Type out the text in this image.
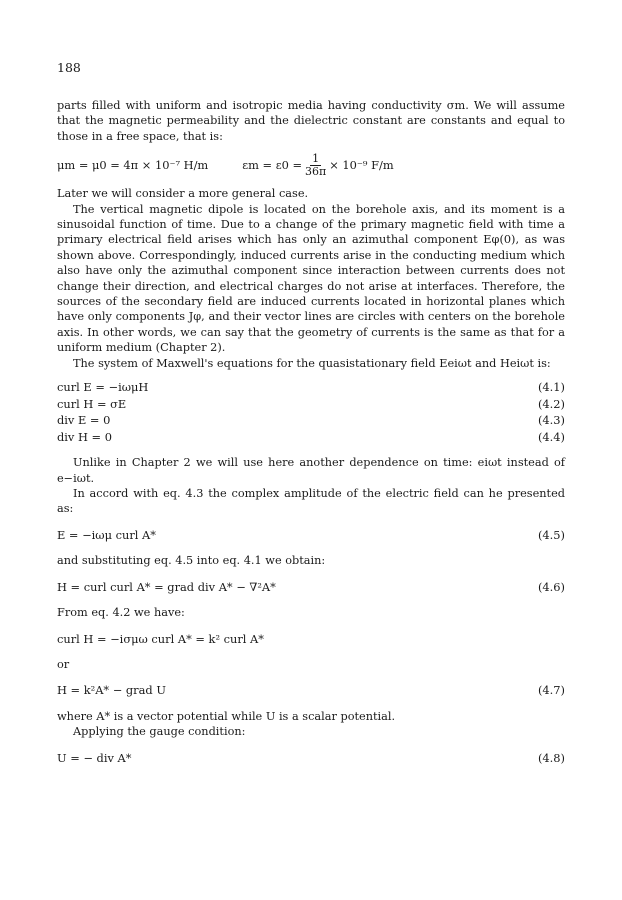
188

parts filled with uniform and isotropic media having conductivity σm. We will assume that the magnetic permeability and the dielectric constant are constants and equal to those in a free space, that is:

μm = μ0 = 4π × 10⁻⁷ H/m	$\varepsilon m = \varepsilon 0 = \frac{1}{36\pi} \times 10^{-9}$ F/m

Later we will consider a more general case.

The vertical magnetic dipole is located on the borehole axis, and its moment is a sinusoidal function of time. Due to a change of the primary magnetic field with time a primary electrical field arises which has only an azimuthal component Eφ(0), as was shown above. Correspondingly, induced currents arise in the conducting medium which also have only the azimuthal component since interaction between currents does not change their direction, and electrical charges do not arise at interfaces. Therefore, the sources of the secondary field are induced currents located in horizontal planes which have only components Jφ, and their vector lines are circles with centers on the borehole axis. In other words, we can say that the geometry of currents is the same as that for a uniform medium (Chapter 2).

The system of Maxwell's equations for the quasistationary field Eeiωt and Heiωt is:

curl E = −iωμH	(4.1)
curl H = σE	(4.2)
div E = 0	(4.3)
div H = 0	(4.4)

Unlike in Chapter 2 we will use here another dependence on time: eiωt instead of e−iωt.

In accord with eq. 4.3 the complex amplitude of the electric field can he presented as:

E = −iωμ curl A*	(4.5)

and substituting eq. 4.5 into eq. 4.1 we obtain:

H = curl curl A* = grad div A* − ∇²A*	(4.6)

From eq. 4.2 we have:

curl H = −iσμω curl A* = k² curl A*

or

H = k²A* − grad U	(4.7)

where A* is a vector potential while U is a scalar potential.

Applying the gauge condition:

U = − div A*	(4.8)
